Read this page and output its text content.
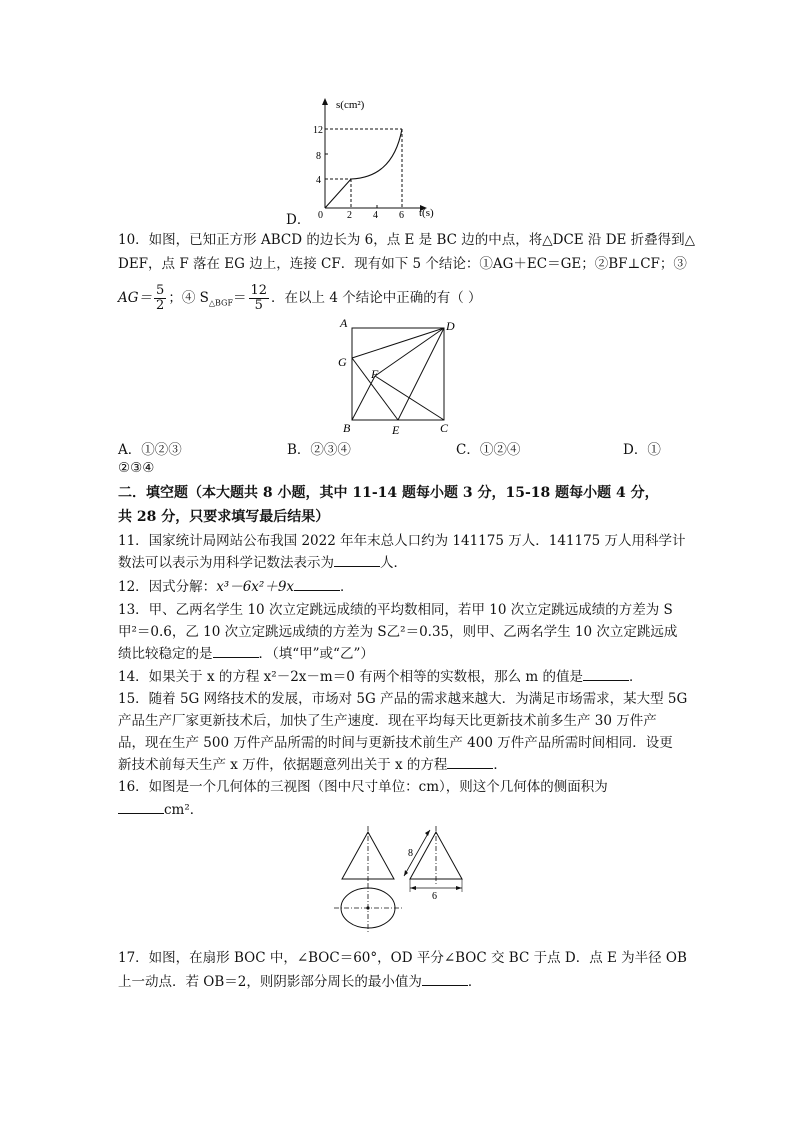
D．
s(cm²)
t(s)
12
8
4
0 2 4 6
10．如图，已知正方形 ABCD 的边长为 6，点 E 是 BC 边的中点，将△DCE 沿 DE 折叠得到△
DEF，点 F 落在 EG 边上，连接 CF．现有如下 5 个结论：①AG＋EC＝GE；②BF⊥CF；③
$AG= \frac{5}{2}$ ；④ $S_{\triangle BGF}= \frac{12}{5}$ ．在以上 4 个结论中正确的有（ ）
A	D
G
F
B	E	C
A．①②③	B．②③④	C．①②④	D．①
②③④
二．填空题（本大题共 8 小题，其中 11-14 题每小题 3 分，15-18 题每小题 4 分，
共 28 分，只要求填写最后结果）
11．国家统计局网站公布我国 2022 年年末总人口约为 141175 万人．141175 万人用科学计
数法可以表示为用科学记数法表示为	人．
12．因式分解：x³－6x²＋9x	．
13．甲、乙两名学生 10 次立定跳远成绩的平均数相同，若甲 10 次立定跳远成绩的方差为 S
甲²＝0.6，乙 10 次立定跳远成绩的方差为 S乙²＝0.35，则甲、乙两名学生 10 次立定跳远成
绩比较稳定的是	．（填“甲”或“乙”）
14．如果关于 x 的方程 x²－2x－m＝0 有两个相等的实数根，那么 m 的值是	．
15．随着 5G 网络技术的发展，市场对 5G 产品的需求越来越大．为满足市场需求，某大型 5G
产品生产厂家更新技术后，加快了生产速度．现在平均每天比更新技术前多生产 30 万件产
品，现在生产 500 万件产品所需的时间与更新技术前生产 400 万件产品所需时间相同．设更
新技术前每天生产 x 万件，依据题意列出关于 x 的方程	．
16．如图是一个几何体的三视图（图中尺寸单位：cm），则这个几何体的侧面积为
cm²．
8
6
17．如图，在扇形 BOC 中，∠BOC＝60°，OD 平分∠BOC 交 BC 于点 D．点 E 为半径 OB
上一动点．若 OB＝2，则阴影部分周长的最小值为	．
